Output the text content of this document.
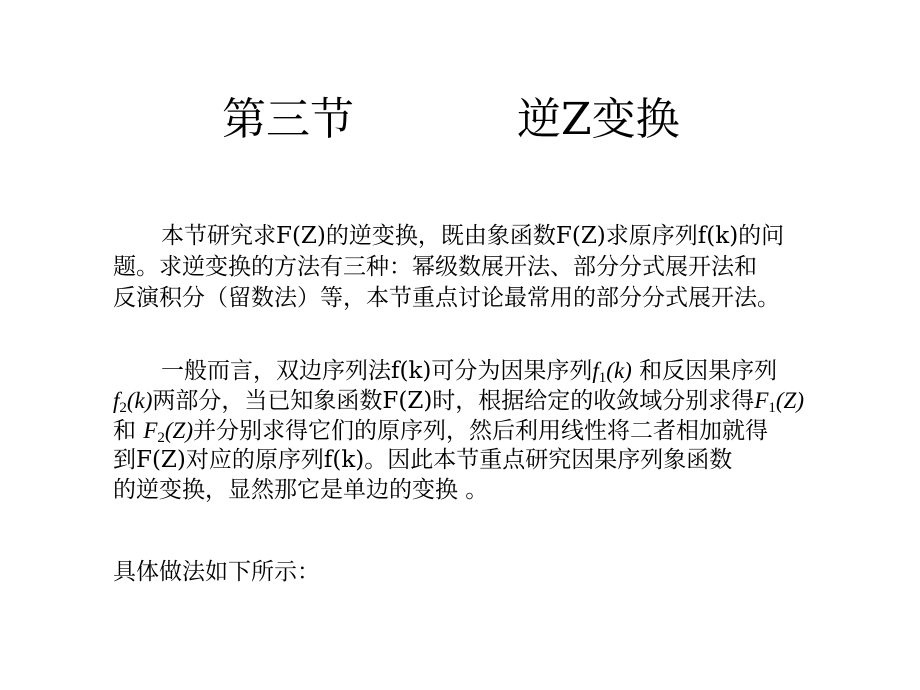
第三节	逆Z变换
本节研究求F(Z)的逆变换，既由象函数F(Z)求原序列f(k)的问
题。求逆变换的方法有三种：幂级数展开法、部分分式展开法和
反演积分（留数法）等，本节重点讨论最常用的部分分式展开法。
一般而言，双边序列法f(k)可分为因果序列$f_1(k)$ 和反因果序列
$f_2(k)$两部分，当已知象函数F(Z)时，根据给定的收敛域分别求得$F_1(Z)$
和 $F_2(Z)$并分别求得它们的原序列，然后利用线性将二者相加就得
到F(Z)对应的原序列f(k)。因此本节重点研究因果序列象函数
的逆变换，显然那它是单边的变换 。
具体做法如下所示：
